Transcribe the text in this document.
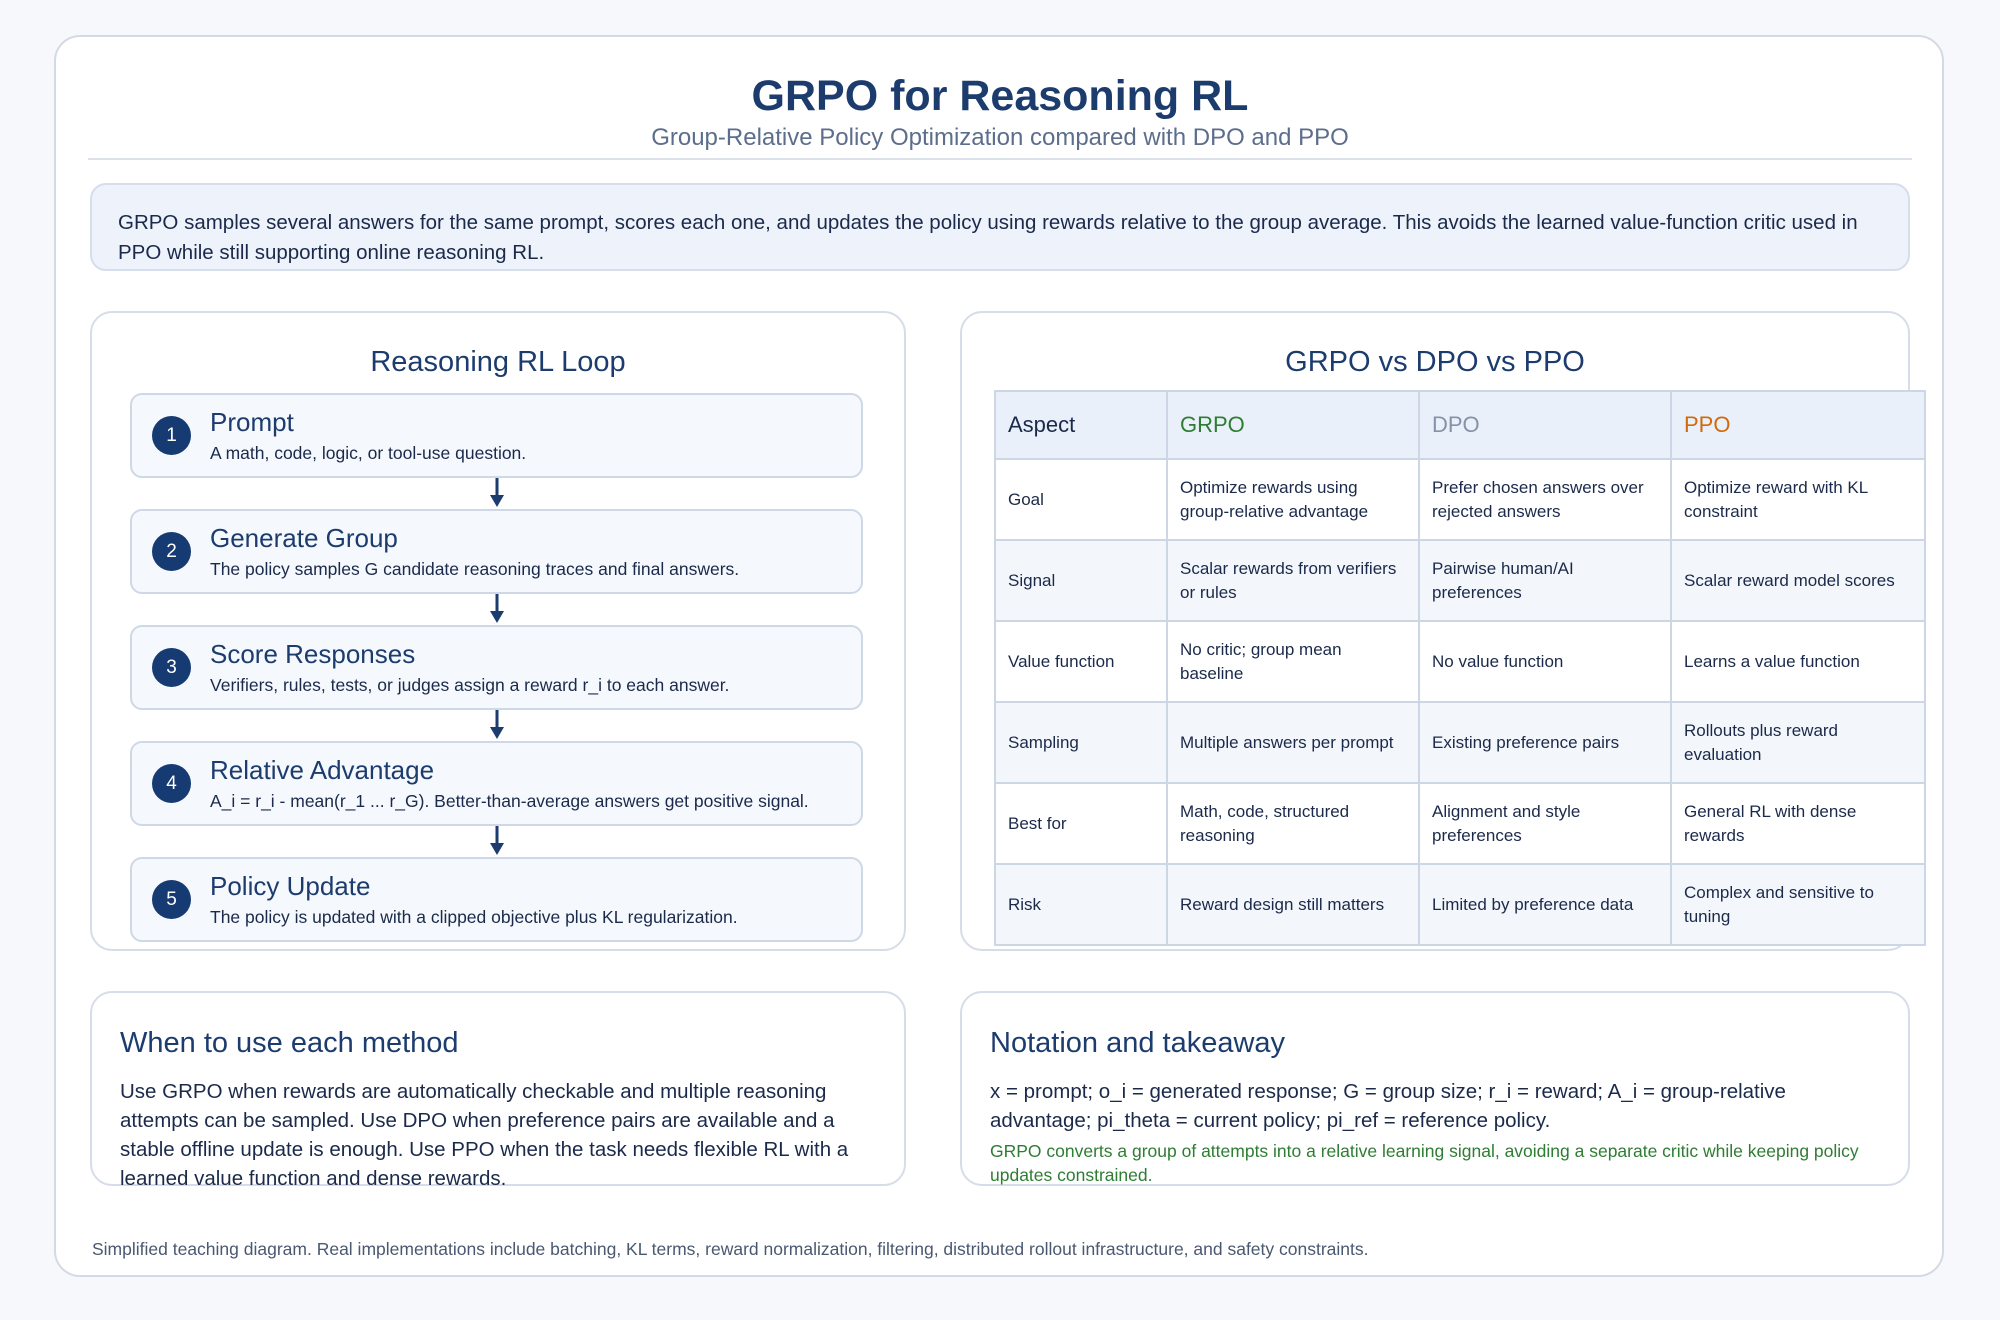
GRPO for Reasoning RL
Group-Relative Policy Optimization compared with DPO and PPO
GRPO samples several answers for the same prompt, scores each one, and updates the policy using rewards relative to the group average. This avoids the learned value-function critic used in PPO while still supporting online reasoning RL.
Reasoning RL Loop
1	Prompt
A math, code, logic, or tool-use question.
2	Generate Group
The policy samples G candidate reasoning traces and final answers.
3	Score Responses
Verifiers, rules, tests, or judges assign a reward r_i to each answer.
4	Relative Advantage
A_i = r_i - mean(r_1 ... r_G). Better-than-average answers get positive signal.
5	Policy Update
The policy is updated with a clipped objective plus KL regularization.
GRPO vs DPO vs PPO
Aspect	GRPO	DPO	PPO
Goal	Optimize rewards using group-relative advantage	Prefer chosen answers over rejected answers	Optimize reward with KL constraint
Signal	Scalar rewards from verifiers or rules	Pairwise human/AI preferences	Scalar reward model scores
Value function	No critic; group mean baseline	No value function	Learns a value function
Sampling	Multiple answers per prompt	Existing preference pairs	Rollouts plus reward evaluation
Best for	Math, code, structured reasoning	Alignment and style preferences	General RL with dense rewards
Risk	Reward design still matters	Limited by preference data	Complex and sensitive to tuning
When to use each method
Use GRPO when rewards are automatically checkable and multiple reasoning attempts can be sampled. Use DPO when preference pairs are available and a stable offline update is enough. Use PPO when the task needs flexible RL with a learned value function and dense rewards.
Notation and takeaway
x = prompt; o_i = generated response; G = group size; r_i = reward; A_i = group-relative advantage; pi_theta = current policy; pi_ref = reference policy.
GRPO converts a group of attempts into a relative learning signal, avoiding a separate critic while keeping policy updates constrained.
Simplified teaching diagram. Real implementations include batching, KL terms, reward normalization, filtering, distributed rollout infrastructure, and safety constraints.
